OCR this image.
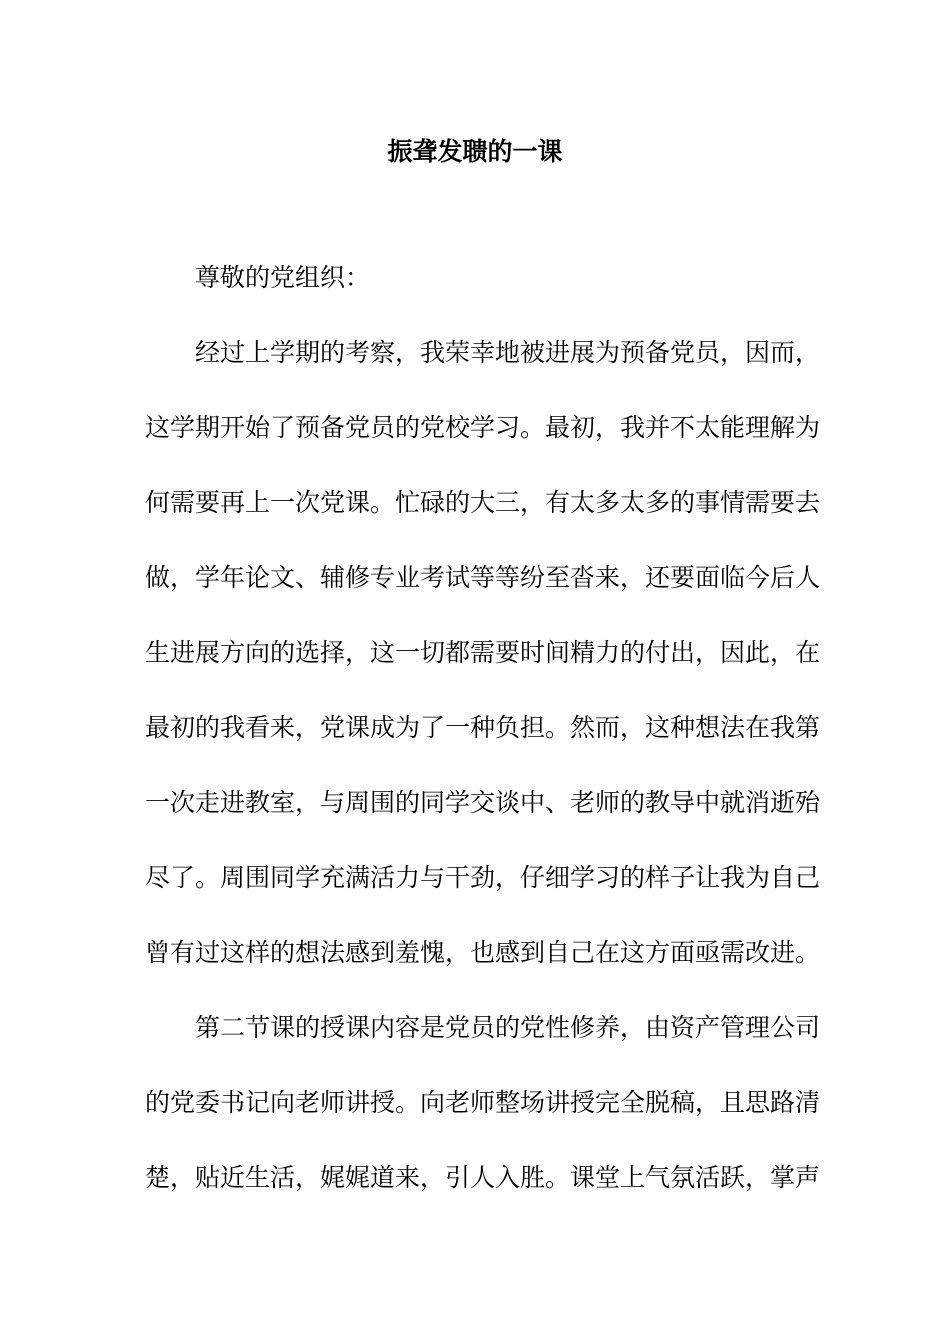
振聋发聩的一课

尊敬的党组织：

经过上学期的考察，我荣幸地被进展为预备党员，因而，

这学期开始了预备党员的党校学习。最初，我并不太能理解为

何需要再上一次党课。忙碌的大三，有太多太多的事情需要去

做，学年论文、辅修专业考试等等纷至沓来，还要面临今后人

生进展方向的选择，这一切都需要时间精力的付出，因此，在

最初的我看来，党课成为了一种负担。然而，这种想法在我第

一次走进教室，与周围的同学交谈中、老师的教导中就消逝殆

尽了。周围同学充满活力与干劲，仔细学习的样子让我为自己

曾有过这样的想法感到羞愧，也感到自己在这方面亟需改进。

第二节课的授课内容是党员的党性修养，由资产管理公司

的党委书记向老师讲授。向老师整场讲授完全脱稿，且思路清

楚，贴近生活，娓娓道来，引人入胜。课堂上气氛活跃，掌声
